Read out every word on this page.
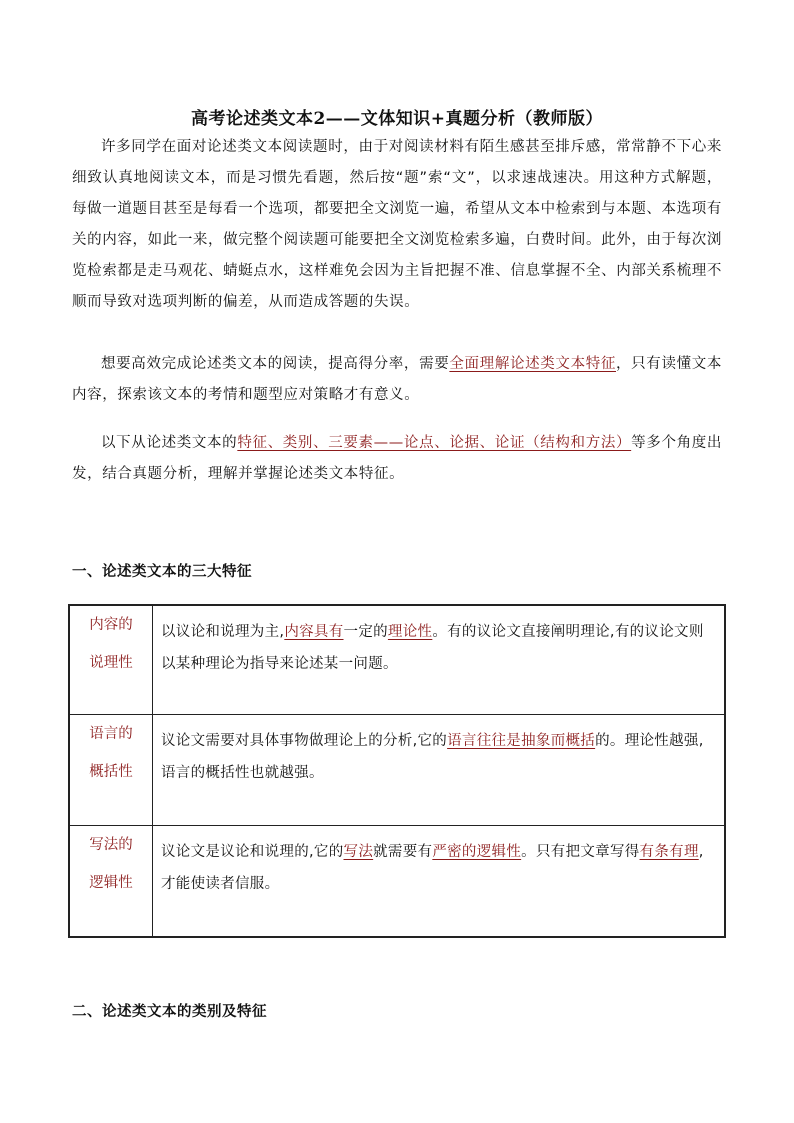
高考论述类文本2——文体知识+真题分析（教师版）

许多同学在面对论述类文本阅读题时，由于对阅读材料有陌生感甚至排斥感，常常静不下心来细致认真地阅读文本，而是习惯先看题，然后按“题”索“文”，以求速战速决。用这种方式解题，每做一道题目甚至是每看一个选项，都要把全文浏览一遍，希望从文本中检索到与本题、本选项有关的内容，如此一来，做完整个阅读题可能要把全文浏览检索多遍，白费时间。此外，由于每次浏览检索都是走马观花、蜻蜓点水，这样难免会因为主旨把握不准、信息掌握不全、内部关系梳理不顺而导致对选项判断的偏差，从而造成答题的失误。

想要高效完成论述类文本的阅读，提高得分率，需要全面理解论述类文本特征，只有读懂文本内容，探索该文本的考情和题型应对策略才有意义。

以下从论述类文本的特征、类别、三要素——论点、论据、论证（结构和方法）等多个角度出发，结合真题分析，理解并掌握论述类文本特征。

一、论述类文本的三大特征
内容的
说理性	以议论和说理为主,内容具有一定的理论性。有的议论文直接阐明理论,有的议论文则以某种理论为指导来论述某一问题。

语言的
概括性	议论文需要对具体事物做理论上的分析,它的语言往往是抽象而概括的。理论性越强,语言的概括性也就越强。

写法的
逻辑性	议论文是议论和说理的,它的写法就需要有严密的逻辑性。只有把文章写得有条有理,才能使读者信服。
二、论述类文本的类别及特征
